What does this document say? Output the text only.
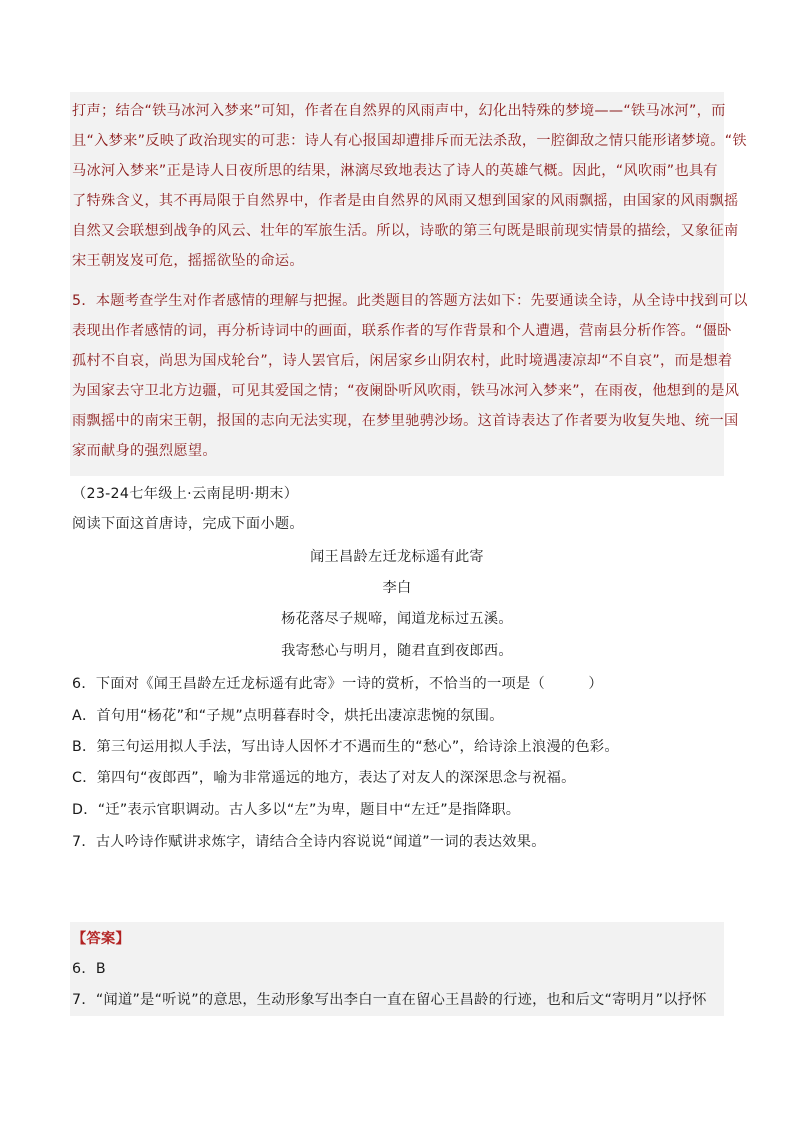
打声；结合“铁马冰河入梦来”可知，作者在自然界的风雨声中，幻化出特殊的梦境——“铁马冰河”，而
且“入梦来”反映了政治现实的可悲：诗人有心报国却遭排斥而无法杀敌，一腔御敌之情只能形诸梦境。“铁
马冰河入梦来”正是诗人日夜所思的结果，淋漓尽致地表达了诗人的英雄气概。因此，“风吹雨”也具有
了特殊含义，其不再局限于自然界中，作者是由自然界的风雨又想到国家的风雨飘摇，由国家的风雨飘摇
自然又会联想到战争的风云、壮年的军旅生活。所以，诗歌的第三句既是眼前现实情景的描绘，又象征南
宋王朝岌岌可危，摇摇欲坠的命运。
5．本题考查学生对作者感情的理解与把握。此类题目的答题方法如下：先要通读全诗，从全诗中找到可以
表现出作者感情的词，再分析诗词中的画面，联系作者的写作背景和个人遭遇，营南县分析作答。“僵卧
孤村不自哀，尚思为国戍轮台”，诗人罢官后，闲居家乡山阴农村，此时境遇凄凉却“不自哀”，而是想着
为国家去守卫北方边疆，可见其爱国之情；“夜阑卧听风吹雨，铁马冰河入梦来”，在雨夜，他想到的是风
雨飘摇中的南宋王朝，报国的志向无法实现，在梦里驰骋沙场。这首诗表达了作者要为收复失地、统一国
家而献身的强烈愿望。
（23-24七年级上·云南昆明·期末）
阅读下面这首唐诗，完成下面小题。
闻王昌龄左迁龙标遥有此寄
李白
杨花落尽子规啼，闻道龙标过五溪。
我寄愁心与明月，随君直到夜郎西。
6．下面对《闻王昌龄左迁龙标遥有此寄》一诗的赏析，不恰当的一项是（　　　）
A．首句用“杨花”和“子规”点明暮春时令，烘托出凄凉悲惋的氛围。
B．第三句运用拟人手法，写出诗人因怀才不遇而生的“愁心”，给诗涂上浪漫的色彩。
C．第四句“夜郎西”，喻为非常遥远的地方，表达了对友人的深深思念与祝福。
D．“迁”表示官职调动。古人多以“左”为卑，题目中“左迁”是指降职。
7．古人吟诗作赋讲求炼字，请结合全诗内容说说“闻道”一词的表达效果。
【答案】
6．B
7．“闻道”是“听说”的意思，生动形象写出李白一直在留心王昌龄的行迹，也和后文“寄明月”以抒怀
